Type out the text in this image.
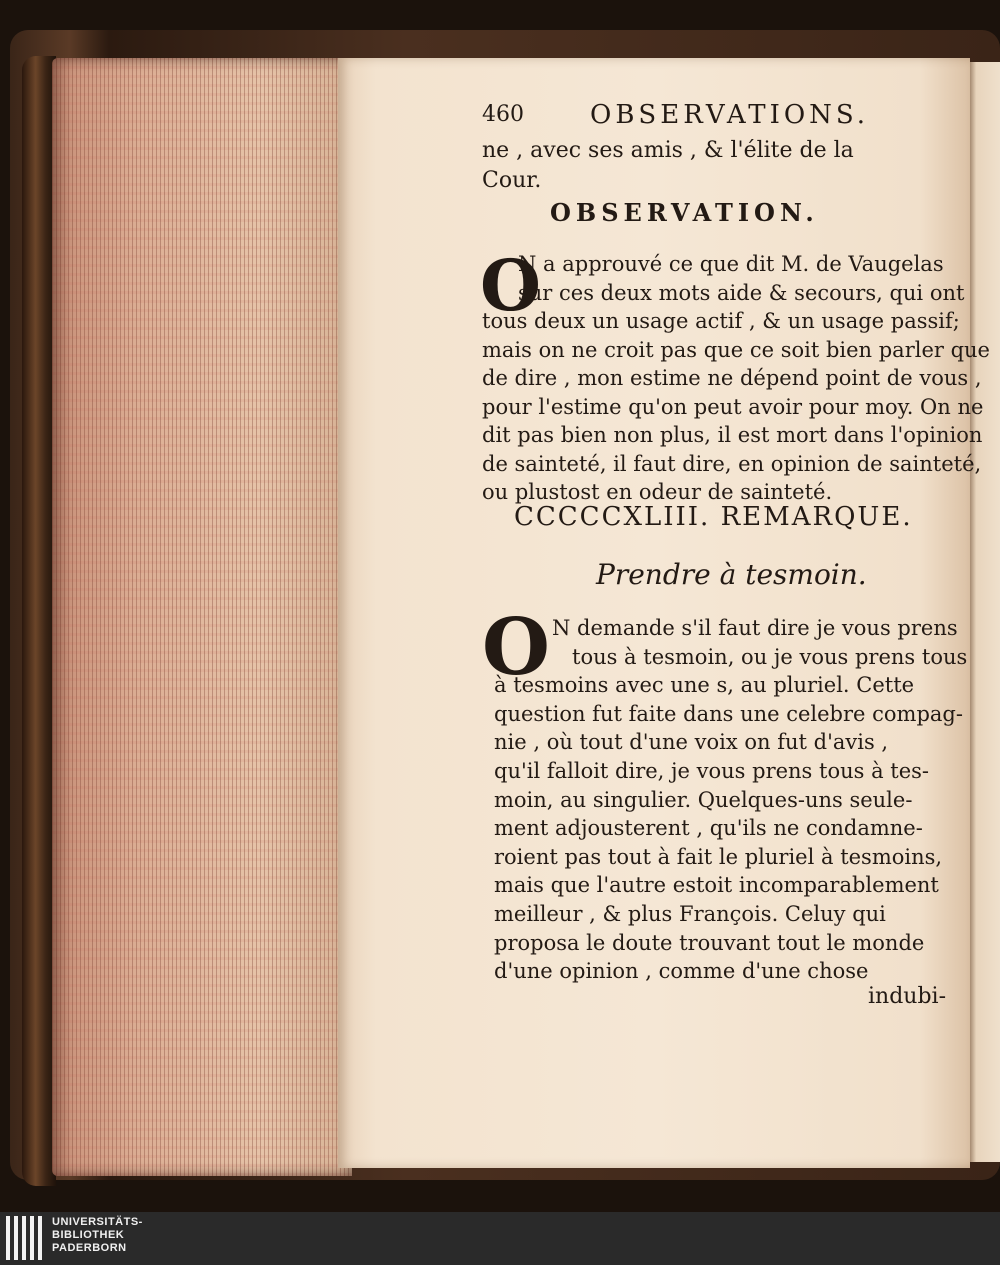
460	OBSERVATIONS.
ne , avec ses amis , & l'élite de la
Cour.
OBSERVATION.
O
N a approuvé ce que dit M. de Vaugelas
sur ces deux mots aide & secours, qui ont
tous deux un usage actif , & un usage passif;
mais on ne croit pas que ce soit bien parler que
de dire , mon estime ne dépend point de vous ,
pour l'estime qu'on peut avoir pour moy. On ne
dit pas bien non plus, il est mort dans l'opinion
de sainteté, il faut dire, en opinion de sainteté,
ou plustost en odeur de sainteté.
CCCCCXLIII. REMARQUE.
Prendre à tesmoin.
O N demande s'il faut dire je vous prens
tous à tesmoin, ou je vous prens tous
à tesmoins avec une s, au pluriel. Cette
question fut faite dans une celebre compag-
nie , où tout d'une voix on fut d'avis ,
qu'il falloit dire, je vous prens tous à tes-
moin, au singulier. Quelques-uns seule-
ment adjousterent , qu'ils ne condamne-
roient pas tout à fait le pluriel à tesmoins,
mais que l'autre estoit incomparablement
meilleur , & plus François. Celuy qui
proposa le doute trouvant tout le monde
d'une opinion , comme d'une chose
indubi-
UNIVERSITÄTS-
BIBLIOTHEK
PADERBORN
